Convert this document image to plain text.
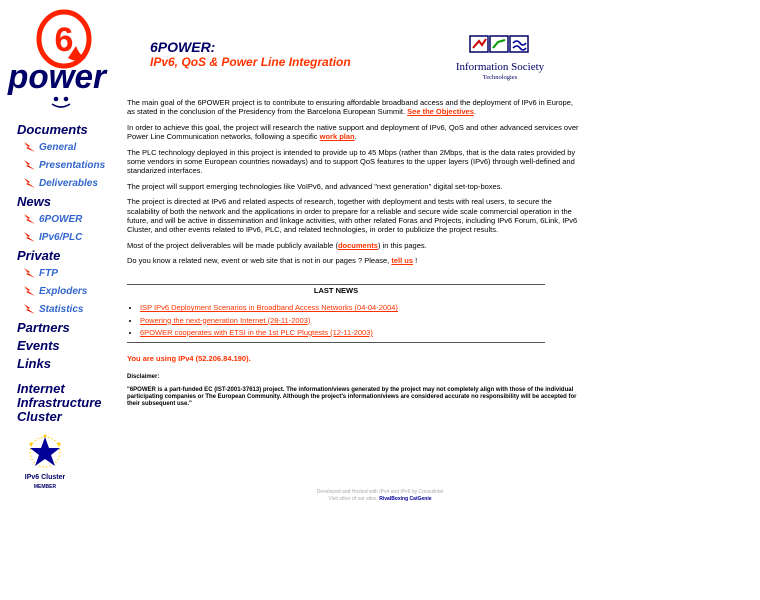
6
power
6POWER:
IPv6, QoS & Power Line Integration	Information Society
Technologies
Documents
General
Presentations
Deliverables
News
6POWER
IPv6/PLC
Private
FTP
Exploders
Statistics
Partners
Events
Links
Internet
Infrastructure
Cluster
IPv6 Cluster
MEMBER

The main goal of the 6POWER project is to contribute to ensuring affordable broadband access and the deployment of IPv6 in Europe, as stated in the conclusion of the Presidency from the Barcelona European Summit. See the Objectives.

In order to achieve this goal, the project will research the native support and deployment of IPv6, QoS and other advanced services over Power Line Communication networks, following a specific work plan.

The PLC technology deployed in this project is intended to provide up to 45 Mbps (rather than 2Mbps, that is the data rates provided by some vendors in some European countries nowadays) and to support QoS features to the upper layers (IPv6) through well-defined and standarized interfaces.

The project will support emerging technologies like VoIPv6, and advanced "next generation" digital set-top-boxes.

The project is directed at IPv6 and related aspects of research, together with deployment and tests with real users, to secure the scalability of both the network and the applications in order to prepare for a reliable and secure wide scale commercial operation in the future, and will be active in dissemination and linkage activities, with other related Foras and Projects, including IPv6 Forum, 6Link, IPv6 Cluster, and other events related to IPv6, PLC, and related technologies, in order to publicize the project results.

Most of the project deliverables will be made publicly available (documents) in this pages.

Do you know a related new, event or web site that is not in our pages ? Please, tell us !

LAST NEWS
• ISP IPv6 Deployment Scenarios in Broadband Access Networks (04-04-2004)
• Powering the next-generation Internet (28-11-2003)
• 6POWER cooperates with ETSI in the 1st PLC Plugtests (12-11-2003)
You are using IPv4 (52.206.84.190).

Disclaimer:

"6POWER is a part-funded EC (IST-2001-37613) project. The information/views generated by the project may not completely align with those of the individual participating companies or The European Community. Although the project's information/views are considered accurate no responsibility will be accepted for their subsequent use."

Developed and Hosted with IPv4 and IPv6 by Consulintel
Visit other of our sites: RivalBoxing CatGenie
